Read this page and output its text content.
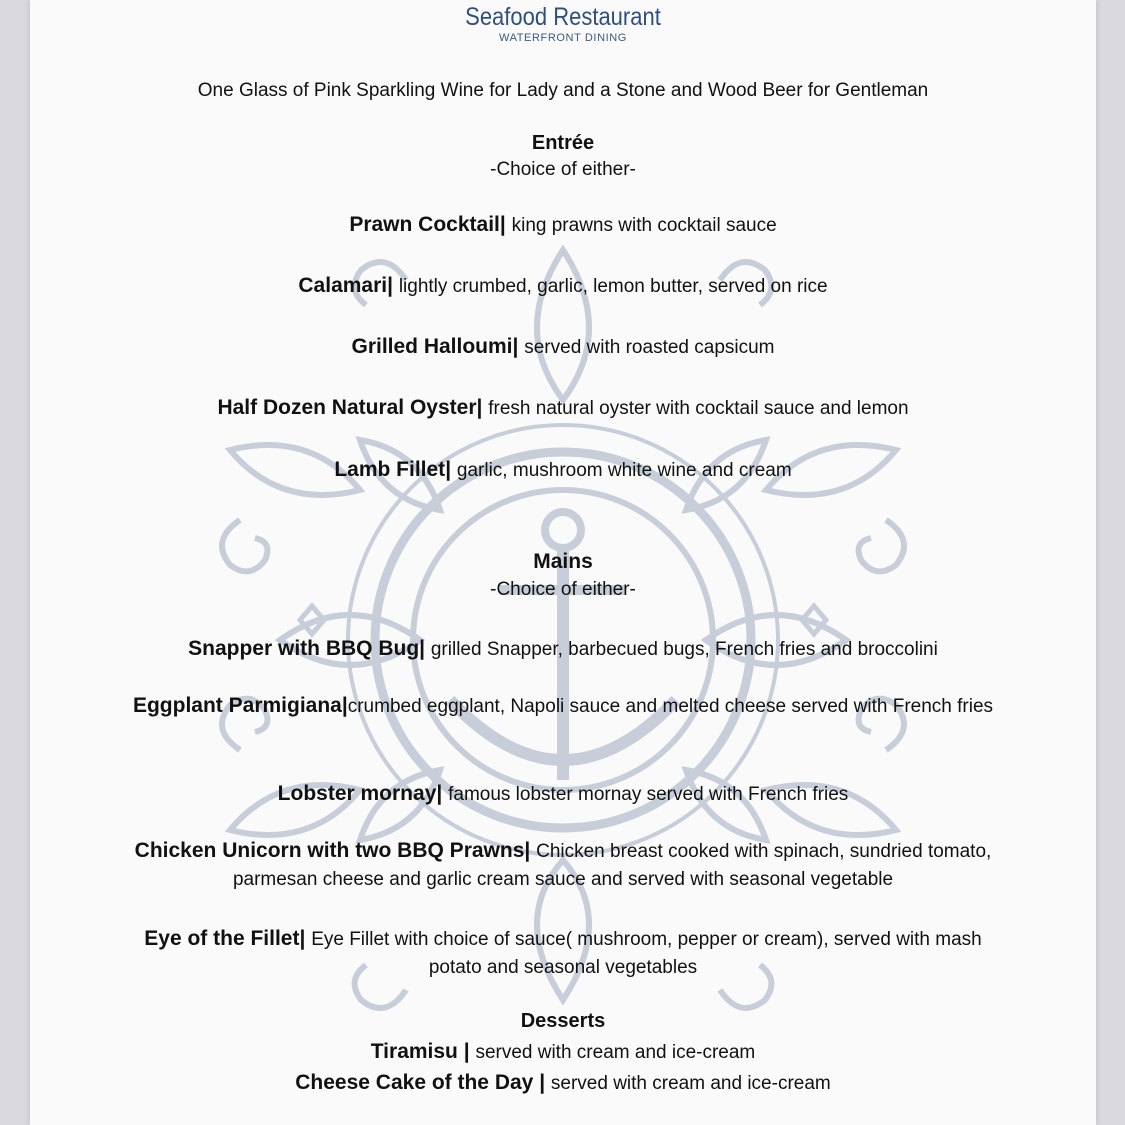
Seafood Restaurant
WATERFRONT DINING
One Glass of Pink Sparkling Wine for Lady and a Stone and Wood Beer for Gentleman
Entrée
-Choice of either-
Prawn Cocktail| king prawns with cocktail sauce
Calamari| lightly crumbed, garlic, lemon butter, served on rice
Grilled Halloumi| served with roasted capsicum
Half Dozen Natural Oyster| fresh natural oyster with cocktail sauce and lemon
Lamb Fillet| garlic, mushroom white wine and cream
Mains
-Choice of either-
Snapper with BBQ Bug| grilled Snapper, barbecued bugs, French fries and broccolini
Eggplant Parmigiana|crumbed eggplant, Napoli sauce and melted cheese served with French fries
Lobster mornay| famous lobster mornay served with French fries
Chicken Unicorn with two BBQ Prawns| Chicken breast cooked with spinach, sundried tomato, parmesan cheese and garlic cream sauce and served with seasonal vegetable
Eye of the Fillet| Eye Fillet with choice of sauce( mushroom, pepper or cream), served with mash potato and seasonal vegetables
Desserts
Tiramisu | served with cream and ice-cream
Cheese Cake of the Day | served with cream and ice-cream
